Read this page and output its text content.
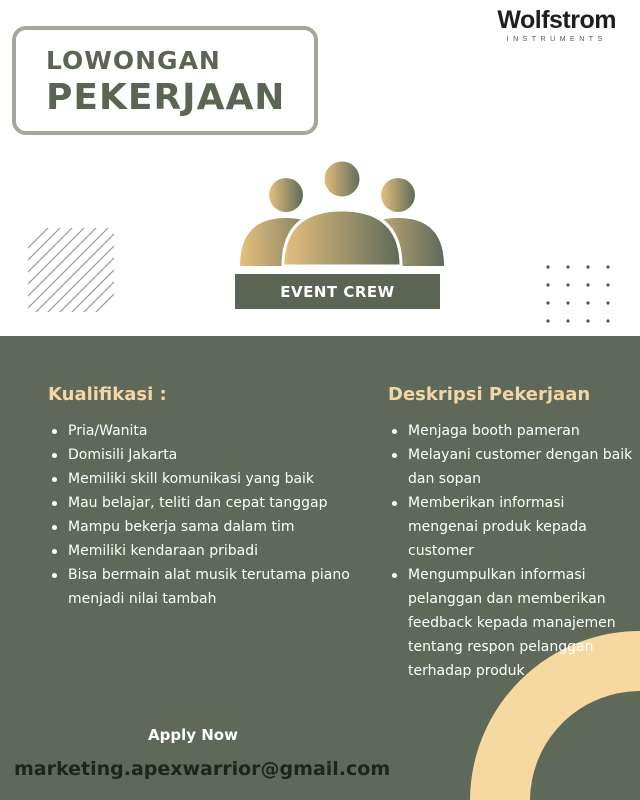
Wolfstrom
INSTRUMENTS
LOWONGAN
PEKERJAAN
EVENT CREW
Kualifikasi :
Pria/Wanita
Domisili Jakarta
Memiliki skill komunikasi yang baik
Mau belajar, teliti dan cepat tanggap
Mampu bekerja sama dalam tim
Memiliki kendaraan pribadi
Bisa bermain alat musik terutama piano menjadi nilai tambah
Deskripsi Pekerjaan
Menjaga booth pameran
Melayani customer dengan baik dan sopan
Memberikan informasi mengenai produk kepada customer
Mengumpulkan informasi pelanggan dan memberikan feedback kepada manajemen tentang respon pelanggan terhadap produk
Apply Now
marketing.apexwarrior@gmail.com
